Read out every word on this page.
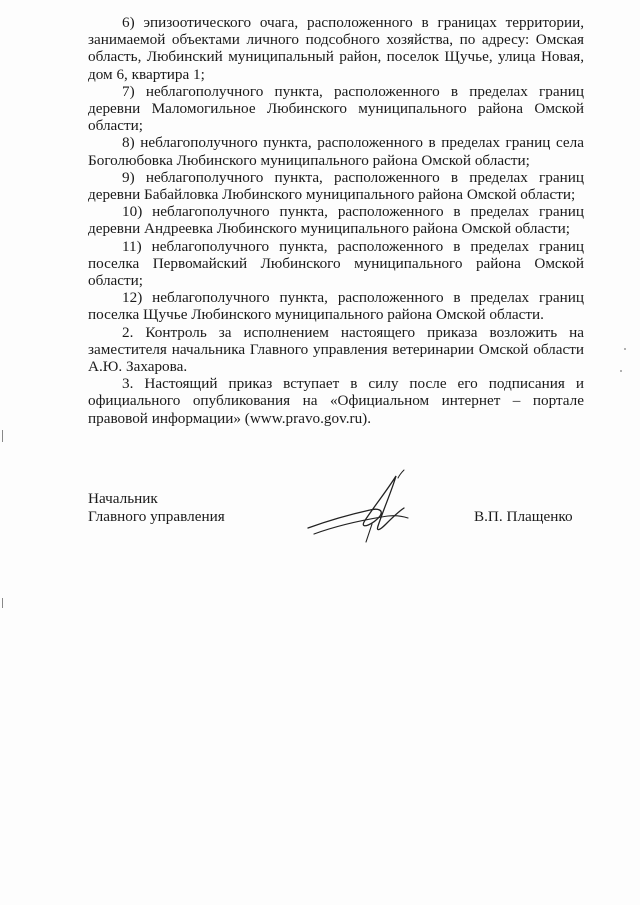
6) эпизоотического очага, расположенного в границах территории, занимаемой объектами личного подсобного хозяйства, по адресу: Омская область, Любинский муниципальный район, поселок Щучье, улица Новая, дом 6, квартира 1;

7) неблагополучного пункта, расположенного в пределах границ деревни Маломогильное Любинского муниципального района Омской области;

8) неблагополучного пункта, расположенного в пределах границ села Боголюбовка Любинского муниципального района Омской области;

9) неблагополучного пункта, расположенного в пределах границ деревни Бабайловка Любинского муниципального района Омской области;

10) неблагополучного пункта, расположенного в пределах границ деревни Андреевка Любинского муниципального района Омской области;

11) неблагополучного пункта, расположенного в пределах границ поселка Первомайский Любинского муниципального района Омской области;

12) неблагополучного пункта, расположенного в пределах границ поселка Щучье Любинского муниципального района Омской области.

2. Контроль за исполнением настоящего приказа возложить на заместителя начальника Главного управления ветеринарии Омской области А.Ю. Захарова.

3. Настоящий приказ вступает в силу после его подписания и официального опубликования на «Официальном интернет – портале правовой информации» (www.pravo.gov.ru).

Начальник
Главного управления	В.П. Плащенко
